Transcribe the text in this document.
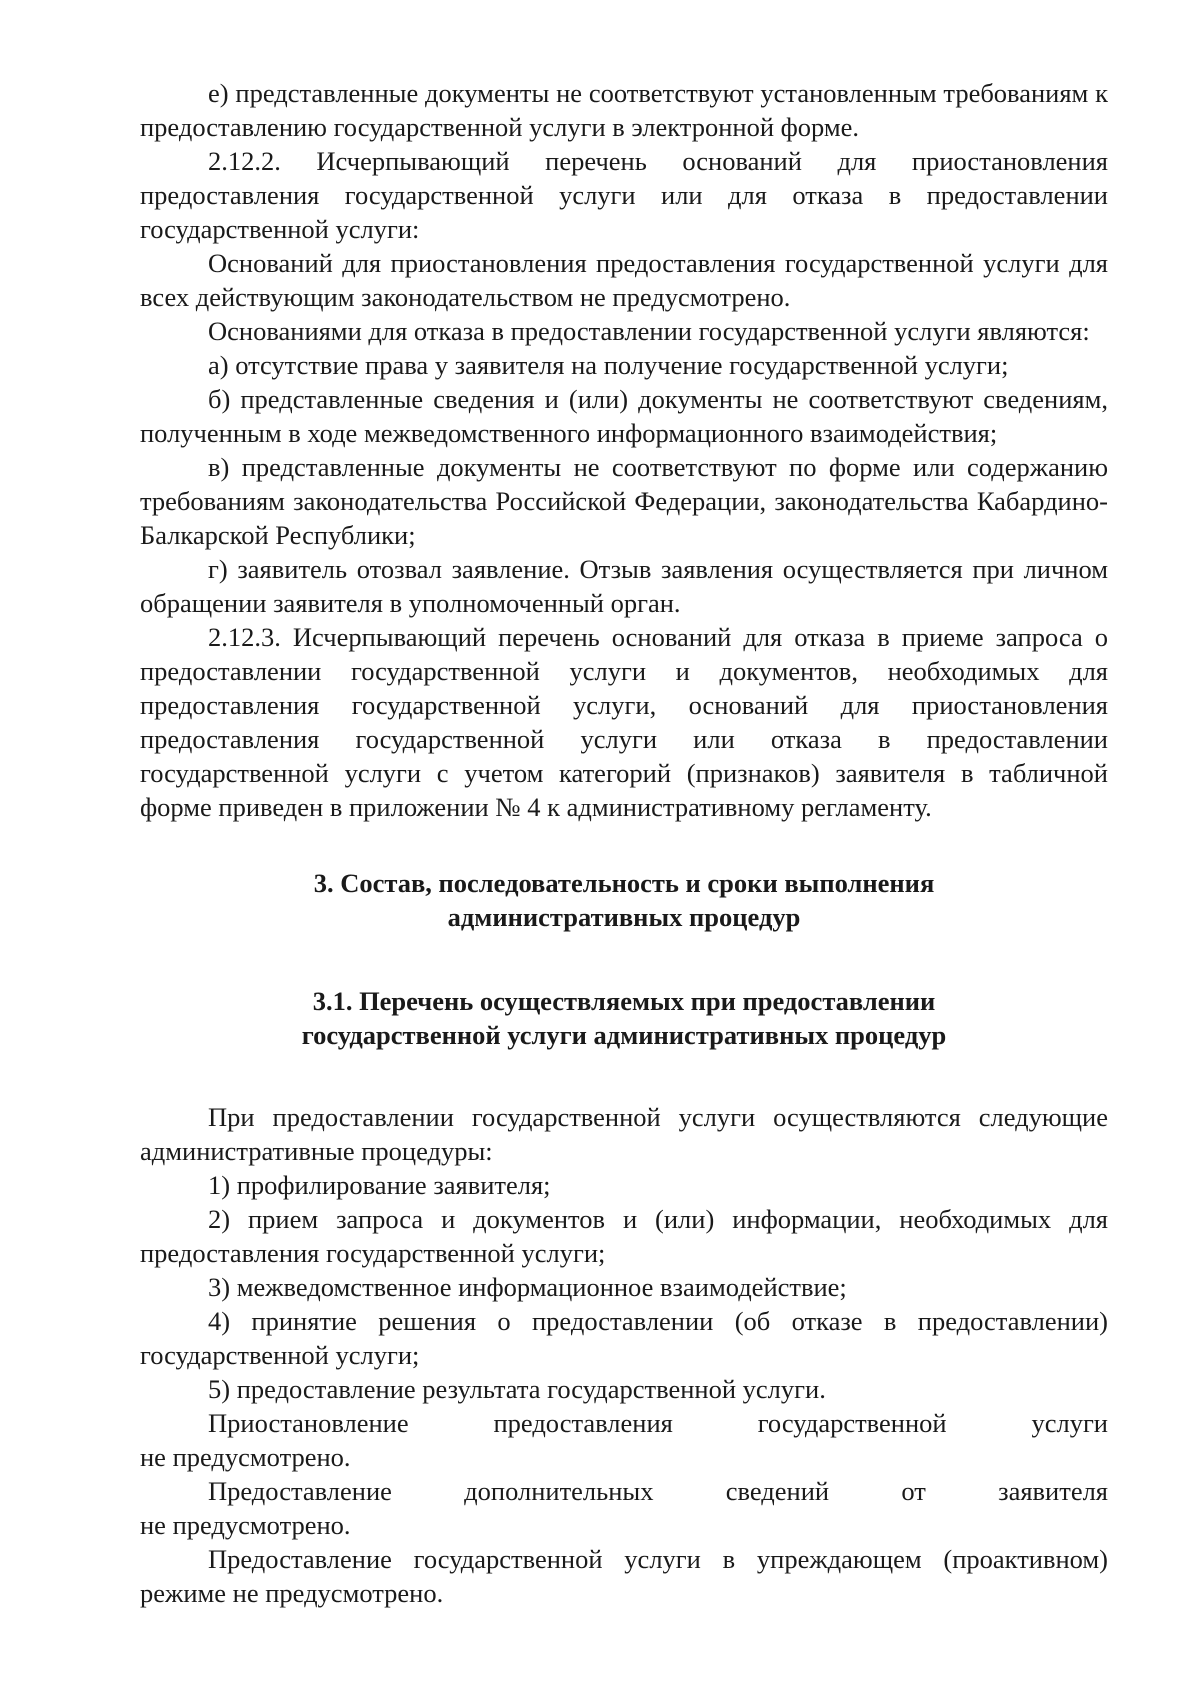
е) представленные документы не соответствуют установленным требованиям к предоставлению государственной услуги в электронной форме.

2.12.2. Исчерпывающий перечень оснований для приостановления предоставления государственной услуги или для отказа в предоставлении государственной услуги:

Оснований для приостановления предоставления государственной услуги для всех действующим законодательством не предусмотрено.

Основаниями для отказа в предоставлении государственной услуги являются:

а) отсутствие права у заявителя на получение государственной услуги;

б) представленные сведения и (или) документы не соответствуют сведениям, полученным в ходе межведомственного информационного взаимодействия;

в) представленные документы не соответствуют по форме или содержанию требованиям законодательства Российской Федерации, законодательства Кабардино-Балкарской Республики;

г) заявитель отозвал заявление. Отзыв заявления осуществляется при личном обращении заявителя в уполномоченный орган.

2.12.3. Исчерпывающий перечень оснований для отказа в приеме запроса о предоставлении государственной услуги и документов, необходимых для предоставления государственной услуги, оснований для приостановления предоставления государственной услуги или отказа в предоставлении государственной услуги с учетом категорий (признаков) заявителя в табличной форме приведен в приложении № 4 к административному регламенту.

3. Состав, последовательность и сроки выполнения
административных процедур
3.1. Перечень осуществляемых при предоставлении
государственной услуги административных процедур

При предоставлении государственной услуги осуществляются следующие административные процедуры:

1) профилирование заявителя;

2) прием запроса и документов и (или) информации, необходимых для предоставления государственной услуги;

3) межведомственное информационное взаимодействие;

4) принятие решения о предоставлении (об отказе в предоставлении) государственной услуги;

5) предоставление результата государственной услуги.

Приостановление предоставления государственной услуги

не предусмотрено.

Предоставление дополнительных сведений от заявителя

не предусмотрено.

Предоставление государственной услуги в упреждающем (проактивном) режиме не предусмотрено.
